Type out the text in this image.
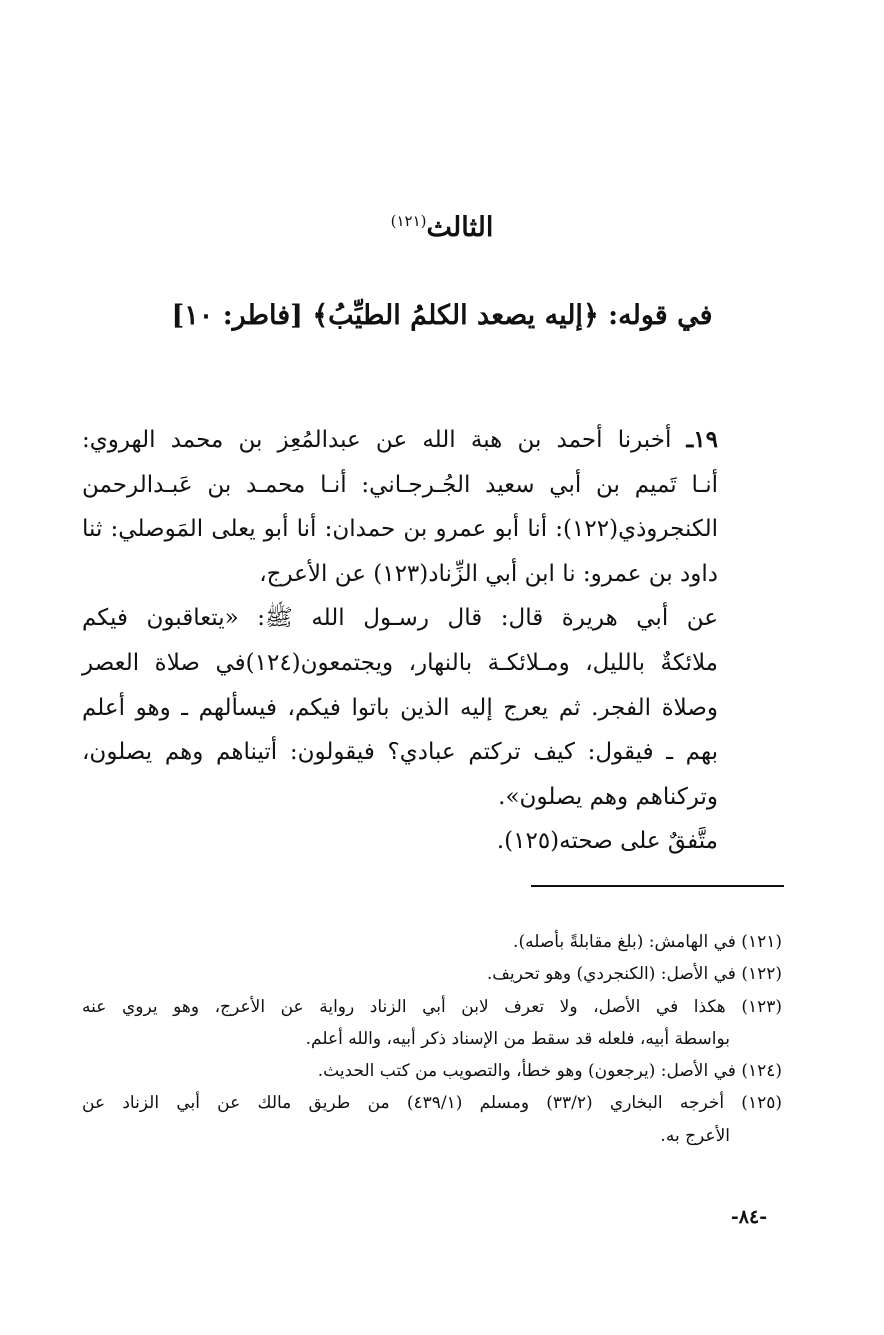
الثالث$^{(١٢١)}$
في قوله: ﴿إليه يصعد الكلمُ الطيِّبُ﴾ [فاطر: ١٠]
١٩ـ أخبرنا أحمد بن هبة الله عن عبدالمُعِز بن محمد الهروي:
أنـا تَميم بن أبي سعيد الجُـرجـاني: أنـا محمـد بن عَبـدالرحمن
الكنجروذي(١٢٢): أنا أبو عمرو بن حمدان: أنا أبو يعلى المَوصلي: ثنا
داود بن عمرو: نا ابن أبي الزِّناد(١٢٣) عن الأعرج،
عن أبي هريرة قال: قال رسـول الله ﷺ: «يتعاقبون فيكم
ملائكةٌ بالليل، ومـلائكـة بالنهار، ويجتمعون(١٢٤)في صلاة العصر
وصلاة الفجر. ثم يعرج إليه الذين باتوا فيكم، فيسألهم ـ وهو أعلم
بهم ـ فيقول: كيف تركتم عبادي؟ فيقولون: أتيناهم وهم يصلون،
وتركناهم وهم يصلون».
متَّفقٌ على صحته(١٢٥).
(١٢١) في الهامش: (بلغ مقابلةً بأصله).
(١٢٢) في الأصل: (الكنجردي) وهو تحريف.
(١٢٣) هكذا في الأصل، ولا تعرف لابن أبي الزناد رواية عن الأعرج، وهو يروي عنه
بواسطة أبيه، فلعله قد سقط من الإسناد ذكر أبيه، والله أعلم.
(١٢٤) في الأصل: (يرجعون) وهو خطأ، والتصويب من كتب الحديث.
(١٢٥) أخرجه البخاري (٣٣/٢) ومسلم (٤٣٩/١) من طريق مالك عن أبي الزناد عن
الأعرج به.
-٨٤-
